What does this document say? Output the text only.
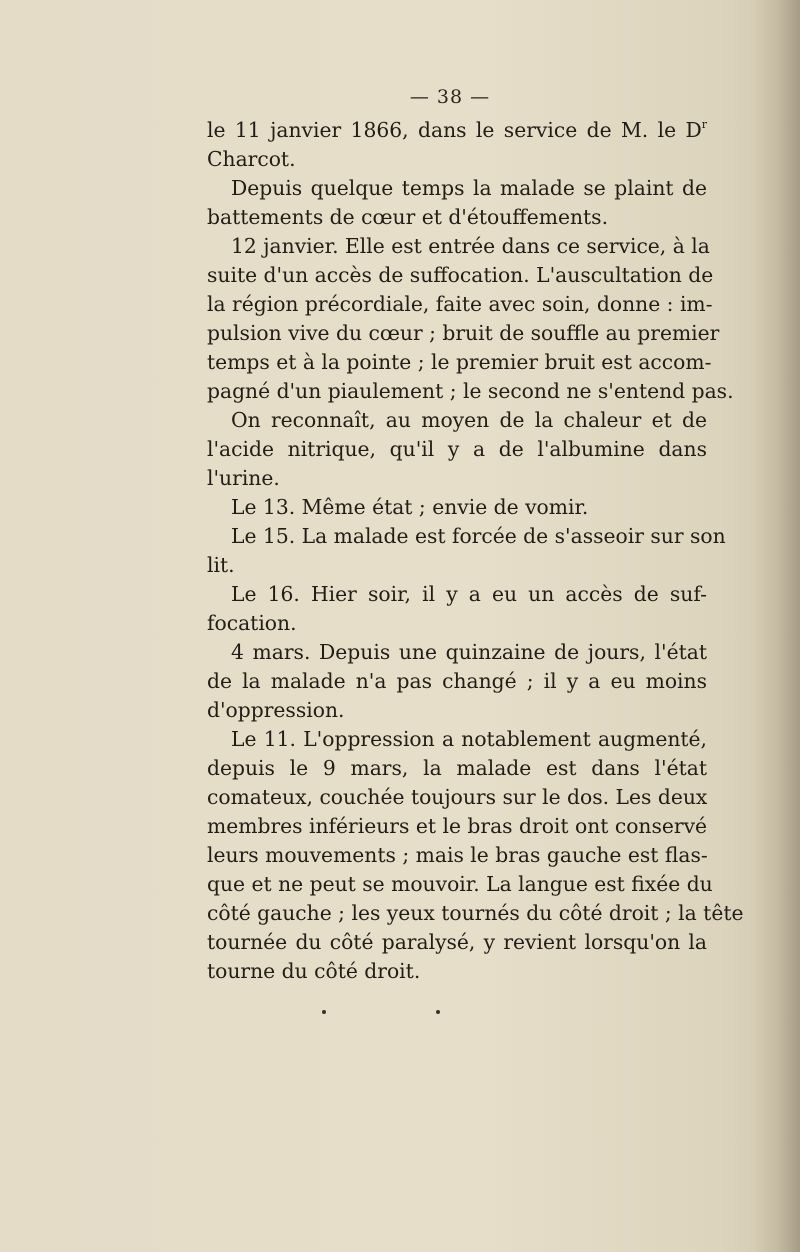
— 38 —
le 11 janvier 1866, dans le service de M. le $D^r$
Charcot.
Depuis quelque temps la malade se plaint de
battements de cœur et d'étouffements.
12 janvier. Elle est entrée dans ce service, à la
suite d'un accès de suffocation. L'auscultation de
la région précordiale, faite avec soin, donne : im-
pulsion vive du cœur ; bruit de souffle au premier
temps et à la pointe ; le premier bruit est accom-
pagné d'un piaulement ; le second ne s'entend pas.
On reconnaît, au moyen de la chaleur et de
l'acide nitrique, qu'il y a de l'albumine dans
l'urine.
Le 13. Même état ; envie de vomir.
Le 15. La malade est forcée de s'asseoir sur son
lit.
Le 16. Hier soir, il y a eu un accès de suf-
focation.
4 mars. Depuis une quinzaine de jours, l'état
de la malade n'a pas changé ; il y a eu moins
d'oppression.
Le 11. L'oppression a notablement augmenté,
depuis le 9 mars, la malade est dans l'état
comateux, couchée toujours sur le dos. Les deux
membres inférieurs et le bras droit ont conservé
leurs mouvements ; mais le bras gauche est flas-
que et ne peut se mouvoir. La langue est fixée du
côté gauche ; les yeux tournés du côté droit ; la tête
tournée du côté paralysé, y revient lorsqu'on la
tourne du côté droit.
